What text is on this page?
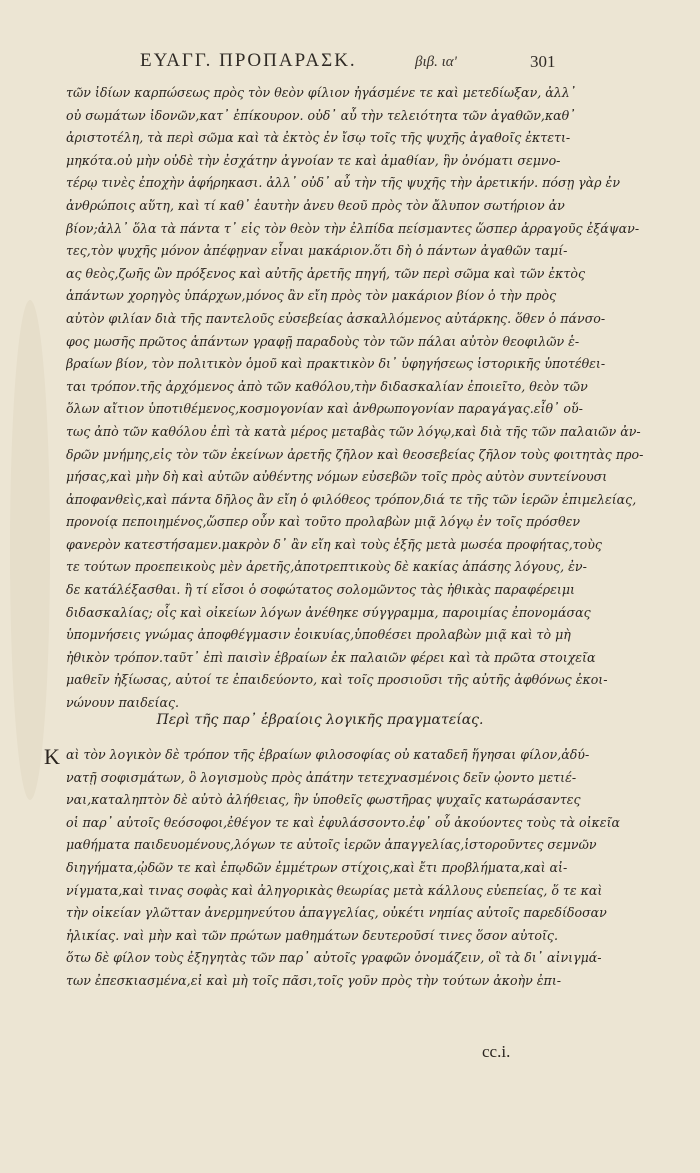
ΕΥΑΓΓ. ΠΡΟΠΑΡΑΣΚ.	βιβ. ιαʹ	301
τῶν ἰδίων καρπώσεως πρὸς τὸν θεὸν φίλιον ἠγάσμένε τε καὶ μετεδίωξαν, ἀλλ᾽
οὐ σωμάτων ἰδονῶν,κατ᾽ ἐπίκουρον. οὐδ᾽ αὖ τὴν τελειότητα τῶν ἀγαθῶν,καθ᾽
ἀριστοτέλη, τὰ περὶ σῶμα καὶ τὰ ἐκτὸς ἐν ἴσῳ τοῖς τῆς ψυχῆς ἀγαθοῖς ἐκτετι-
μηκότα.οὐ μὴν οὐδὲ τὴν ἐσχάτην ἀγνοίαν τε καὶ ἀμαθίαν, ἣν ὀνόματι σεμνο-
τέρῳ τινὲς ἐποχὴν ἀφήρηκασι. ἀλλ᾽ οὐδ᾽ αὖ τὴν τῆς ψυχῆς τὴν ἀρετικήν. πόσῃ γὰρ ἐν
ἀνθρώποις αὕτη, καὶ τί καθ᾽ ἑαυτὴν ἀνευ θεοῦ πρὸς τὸν ἄλυπον σωτήριον ἀν
βίον;ἀλλ᾽ ὅλα τὰ πάντα τ᾽ εἰς τὸν θεὸν τὴν ἐλπίδα πείσμαντες ὥσπερ ἀρραγοῦς ἐξάψαν-
τες,τὸν ψυχῆς μόνον ἀπέφῃναν εἶναι μακάριον.ὅτι δὴ ὁ πάντων ἀγαθῶν ταμί-
ας θεὸς,ζωῆς ὢν πρόξενος καὶ αὐτῆς ἀρετῆς πηγή, τῶν περὶ σῶμα καὶ τῶν ἐκτὸς
ἁπάντων χορηγὸς ὑπάρχων,μόνος ἂν εἴη πρὸς τὸν μακάριον βίον ὁ τὴν πρὸς
αὐτὸν φιλίαν διὰ τῆς παντελοῦς εὐσεβείας ἀσκαλλόμενος αὐτάρκης. ὅθεν ὁ πάνσο-
φος μωσῆς πρῶτος ἁπάντων γραφῇ παραδοὺς τὸν τῶν πάλαι αὐτὸν θεοφιλῶν ἑ-
βραίων βίον, τὸν πολιτικὸν ὁμοῦ καὶ πρακτικὸν δι᾽ ὑφηγήσεως ἱστορικῆς ὑποτέθει-
ται τρόπον.τῆς ἀρχόμενος ἀπὸ τῶν καθόλου,τὴν διδασκαλίαν ἐποιεῖτο, θεὸν τῶν
ὅλων αἴτιον ὑποτιθέμενος,κοσμογονίαν καὶ ἀνθρωπογονίαν παραγάγας.εἶθ᾽ οὕ-
τως ἀπὸ τῶν καθόλου ἐπὶ τὰ κατὰ μέρος μεταβὰς τῶν λόγῳ,καὶ διὰ τῆς τῶν παλαιῶν ἀν-
δρῶν μνήμης,εἰς τὸν τῶν ἐκείνων ἀρετῆς ζῆλον καὶ θεοσεβείας ζῆλον τοὺς φοιτητὰς προ-
μήσας,καὶ μὴν δὴ καὶ αὐτῶν αὐθέντης νόμων εὐσεβῶν τοῖς πρὸς αὐτὸν συντείνουσι
ἀποφανθεὶς,καὶ πάντα δῆλος ἂν εἴη ὁ φιλόθεος τρόπον,διά τε τῆς τῶν ἱερῶν ἐπιμελείας,
προνοίᾳ πεποιημένος,ὥσπερ οὖν καὶ τοῦτο προλαβὼν μιᾷ λόγῳ ἐν τοῖς πρόσθεν
φανερὸν κατεστήσαμεν.μακρὸν δ᾽ ἂν εἴη καὶ τοὺς ἑξῆς μετὰ μωσέα προφήτας,τοὺς
τε τούτων προεπεικοὺς μὲν ἀρετῆς,ἀποτρεπτικοὺς δὲ κακίας ἁπάσης λόγους, ἐν-
δε κατάλέξασθαι. ἢ τί εἴσοι ὁ σοφώτατος σολομῶντος τὰς ἠθικὰς παραφέρειμι
διδασκαλίας; οἷς καὶ οἰκείων λόγων ἀνέθηκε σύγγραμμα, παροιμίας ἐπονομάσας
ὑπομνήσεις γνώμας ἀποφθέγμασιν ἐοικυίας,ὑποθέσει προλαβὼν μιᾷ καὶ τὸ μὴ
ἠθικὸν τρόπον.ταῦτ᾽ ἐπὶ παισὶν ἑβραίων ἐκ παλαιῶν φέρει καὶ τὰ πρῶτα στοιχεῖα
μαθεῖν ἠξίωσας, αὐτοί τε ἐπαιδεύοντο, καὶ τοῖς προσιοῦσι τῆς αὐτῆς ἀφθόνως ἐκοι-
νώνουν παιδείας.
Περὶ τῆς παρ᾽ ἑβραίοις λογικῆς πραγματείας.
Κ αὶ τὸν λογικὸν δὲ τρόπον τῆς ἑβραίων φιλοσοφίας οὐ καταδεῆ ἥγησαι φίλον,ἀδύ-
νατῇ σοφισμάτων, ὃ λογισμοὺς πρὸς ἀπάτην τετεχνασμένοις δεῖν ᾠοντο μετιέ-
ναι,καταληπτὸν δὲ αὐτὸ ἀλήθειας, ἣν ὑποθεῖς φωστῆρας ψυχαῖς κατωράσαντες
οἱ παρ᾽ αὐτοῖς θεόσοφοι,ἐθέγον τε καὶ ἐφυλάσσοντο.ἐφ᾽ οὗ ἀκούοντες τοὺς τὰ οἰκεῖα
μαθήματα παιδευομένους,λόγων τε αὐτοῖς ἱερῶν ἀπαγγελίας,ἱστοροῦντες σεμνῶν
διηγήματα,ᾠδῶν τε καὶ ἐπῳδῶν ἐμμέτρων στίχοις,καὶ ἔτι προβλήματα,καὶ αἰ-
νίγματα,καὶ τινας σοφὰς καὶ ἀληγορικὰς θεωρίας μετὰ κάλλους εὐεπείας, ὅ τε καὶ
τὴν οἰκείαν γλῶτταν ἀνερμηνεύτου ἀπαγγελίας, οὐκέτι νηπίας αὐτοῖς παρεδίδοσαν
ἡλικίας. ναὶ μὴν καὶ τῶν πρώτων μαθημάτων δευτεροῦσί τινες ὅσον αὐτοῖς.
ὅτω δὲ φίλον τοὺς ἐξηγητὰς τῶν παρ᾽ αὐτοῖς γραφῶν ὀνομάζειν, οἳ τὰ δι᾽ αἰνιγμά-
των ἐπεσκιασμένα,εἰ καὶ μὴ τοῖς πᾶσι,τοῖς γοῦν πρὸς τὴν τούτων ἀκοὴν ἐπι-
cc.i.
